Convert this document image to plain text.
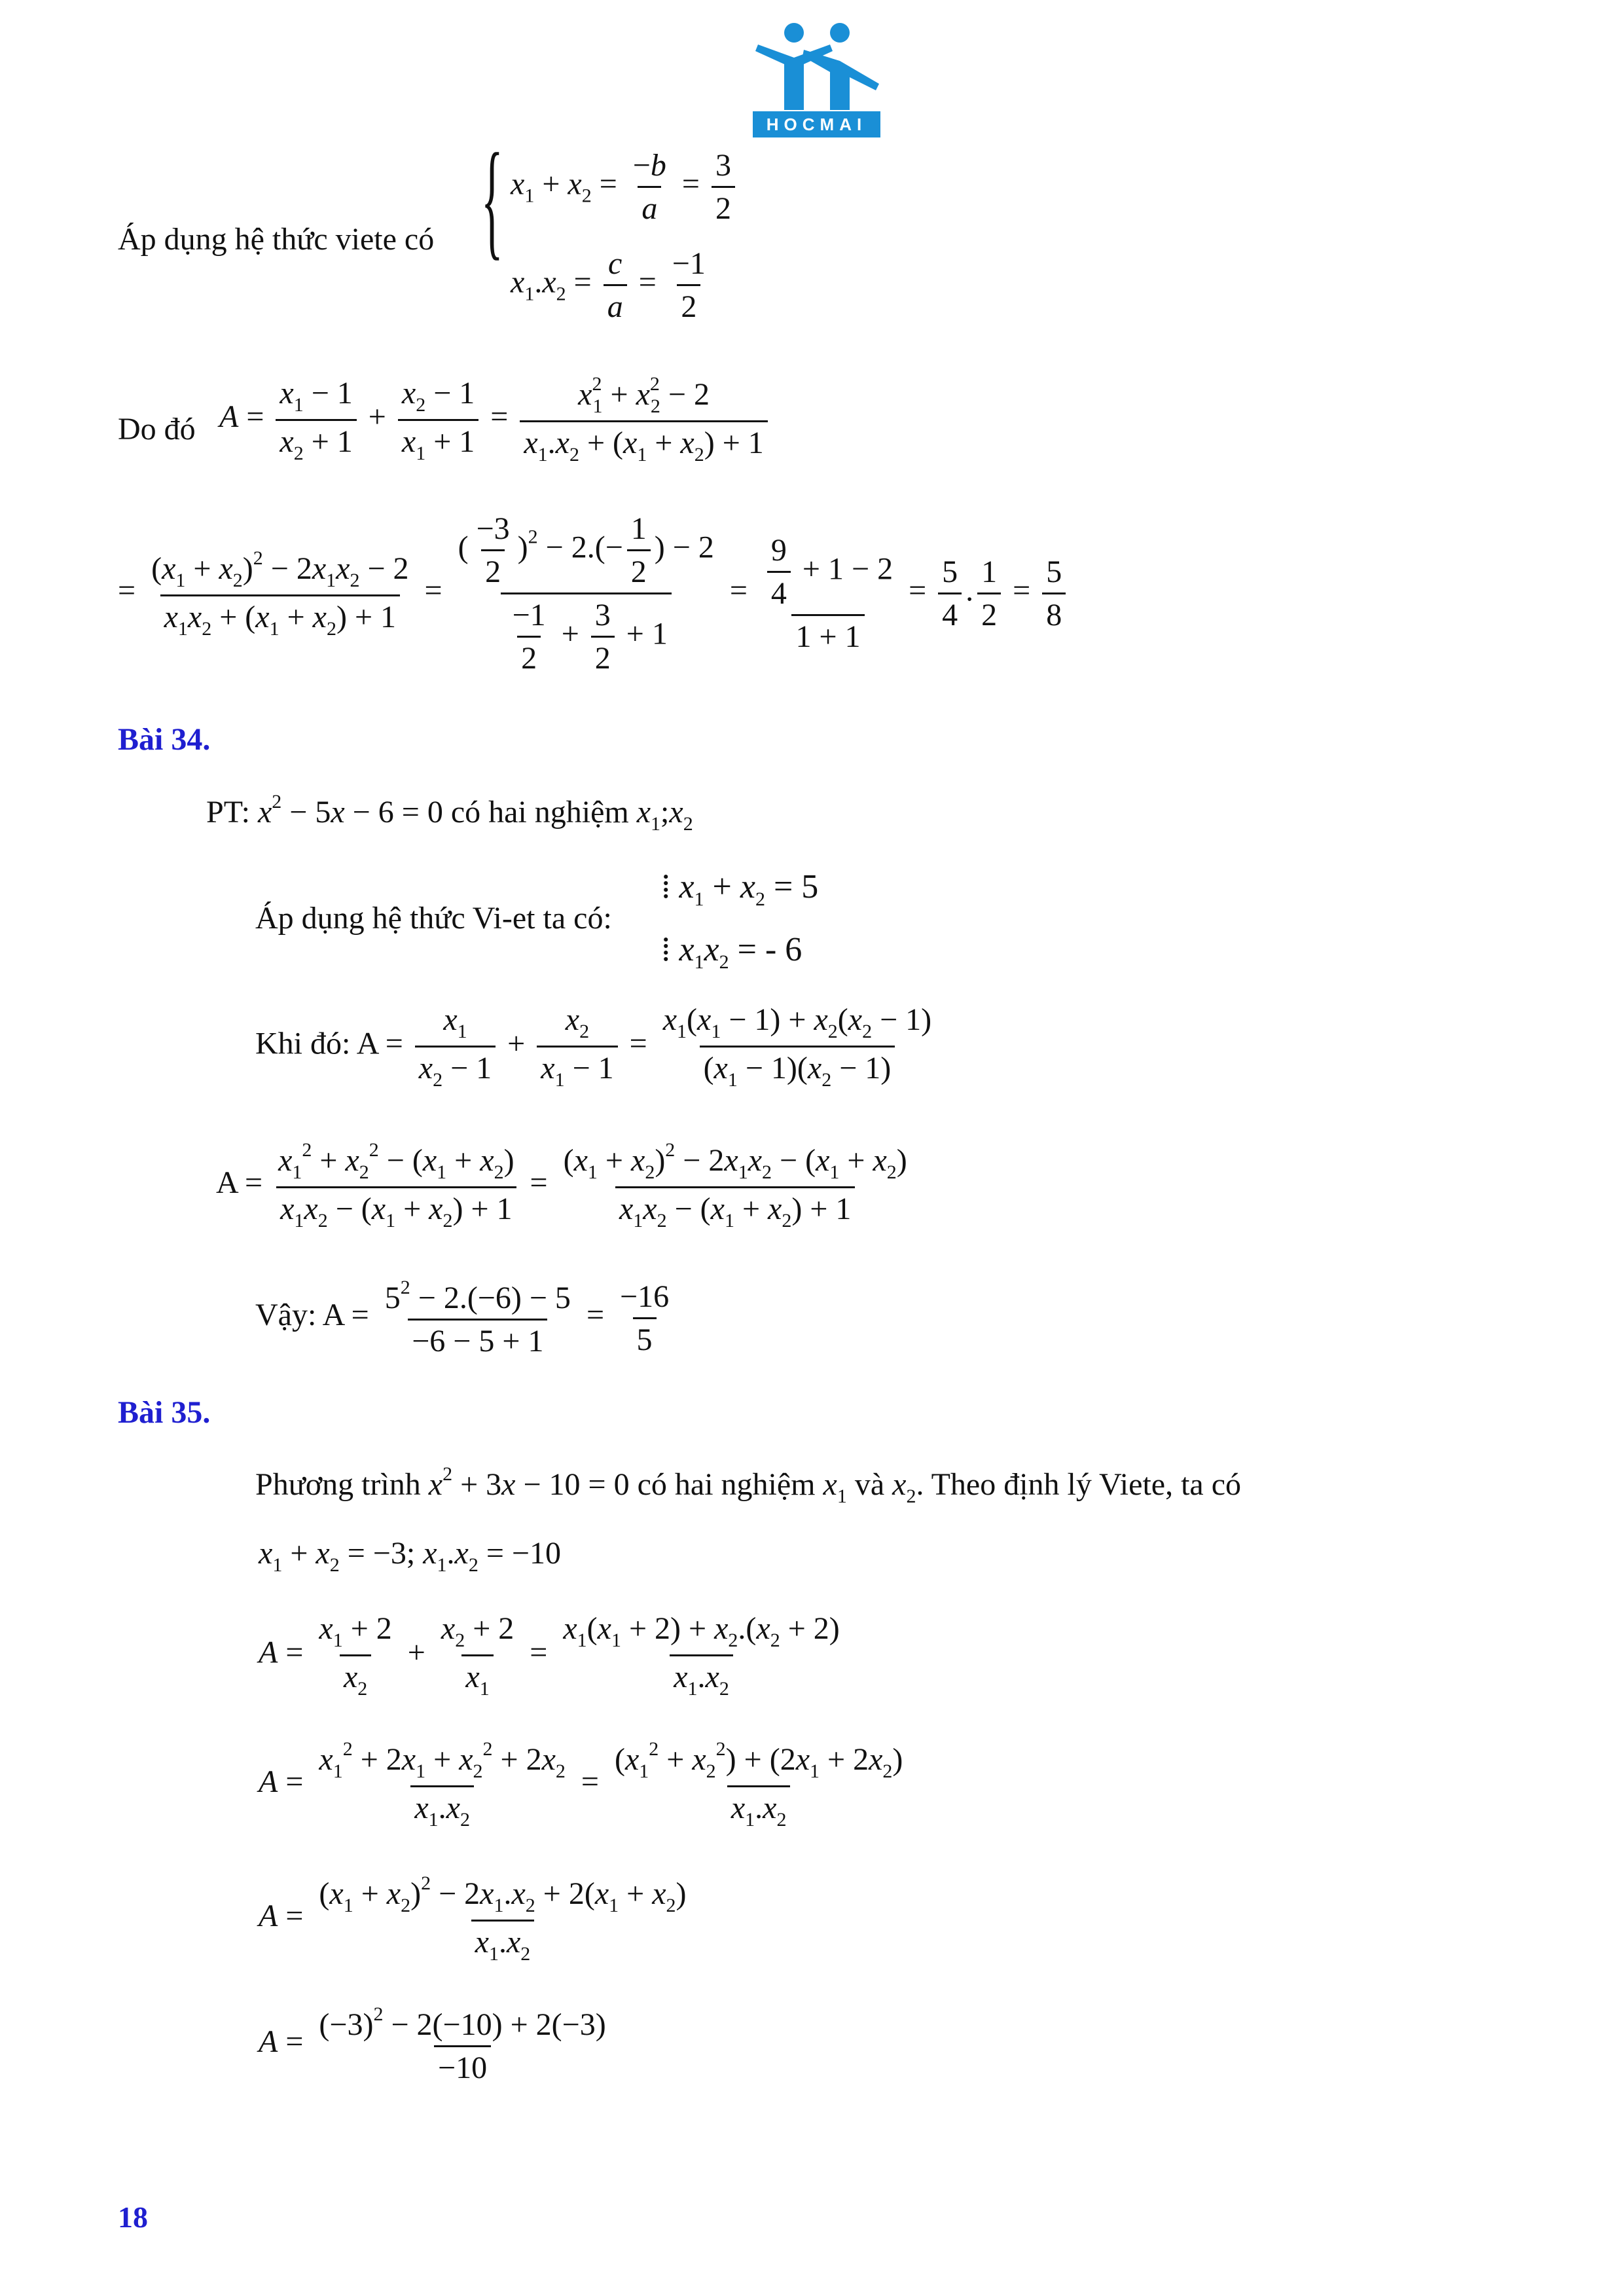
HOCMAI
Áp dụng hệ thức viete có { $x_1 + x_2 = \frac{-b}{a} = \frac{3}{2}$
$x_1.x_2 = \frac{c}{a} = \frac{-1}{2}$
Do đó $A = \frac{x_1 - 1}{x_2 + 1} + \frac{x_2 - 1}{x_1 + 1} = \frac{x^2_1 + x^2_2 - 2}{x_1.x_2 + (x_1 + x_2) + 1}$
= $\frac{(x_1 + x_2)^2 - 2x_1x_2 - 2}{x_1x_2 + (x_1 + x_2) + 1} = \frac{( \frac{-3}{2} )^2 - 2.(- \frac{1}{2} ) - 2}{\frac{-1}{2} + \frac{3}{2} + 1} = \frac{\frac{9}{4} + 1 - 2}{1 + 1} = \frac{5}{4}$ . $\frac{1}{2} = \frac{5}{8}$
Bài 34.
PT: $x^2 - 5x - 6 = 0$ có hai nghiệm $x_1;x_2$
Áp dụng hệ thức Vi-et ta có:
⁞ $x_1 + x_2 = 5$
⁞ $x_1x_2$ = - 6
Khi đó: $A = \frac{x_1}{x_2 - 1} + \frac{x_2}{x_1 - 1} = \frac{x_1(x_1 - 1) + x_2(x_2 - 1)}{(x_1 - 1)(x_2 - 1)}$
$A = \frac{x_1^2 + x_2^2 - (x_1 + x_2)}{x_1x_2 - (x_1 + x_2) + 1} = \frac{(x_1 + x_2)^2 - 2x_1x_2 - (x_1 + x_2)}{x_1x_2 - (x_1 + x_2) + 1}$
Vậy: $A = \frac{5^2 - 2.(-6) - 5}{-6 - 5 + 1} = \frac{-16}{5}$
Bài 35.
Phương trình $x^2 + 3x - 10 = 0$ có hai nghiệm $x_1$ và $x_2$. Theo định lý Viete, ta có
$x_1 + x_2 = -3$; $x_1.x_2 = -10$
$A = \frac{x_1 + 2}{x_2} + \frac{x_2 + 2}{x_1} = \frac{x_1(x_1 + 2) + x_2.(x_2 + 2)}{x_1.x_2}$
$A = \frac{x_1^2 + 2x_1 + x_2^2 + 2x_2}{x_1.x_2} = \frac{(x_1^2 + x_2^2) + (2x_1 + 2x_2)}{x_1.x_2}$
$A = \frac{(x_1 + x_2)^2 - 2x_1.x_2 + 2(x_1 + x_2)}{x_1.x_2}$
$A = \frac{(-3)^2 - 2(-10) + 2(-3)}{-10}$
18
